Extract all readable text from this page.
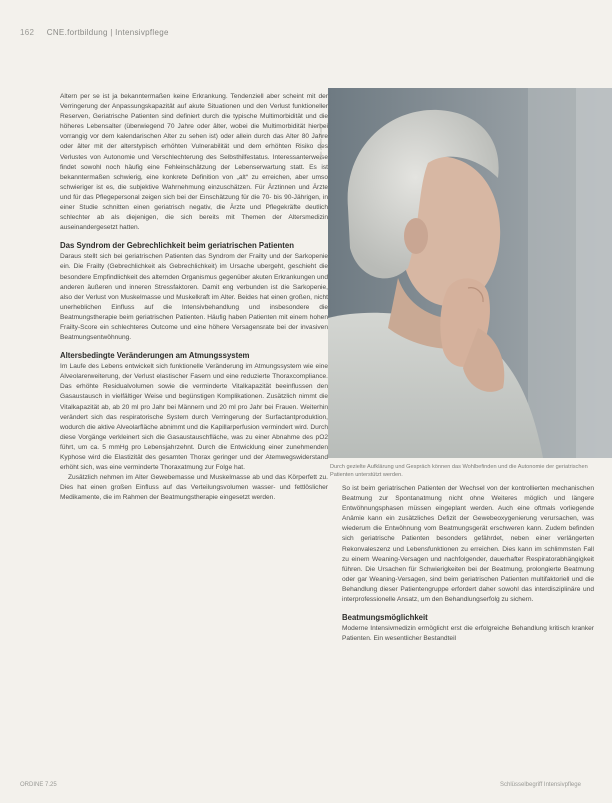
162 CNE.fortbildung | Intensivpflege

Altern per se ist ja bekanntermaßen keine Erkrankung. Tendenziell aber scheint mit der Verringerung der Anpassungskapazität auf akute Situationen und den Verlust funktioneller Reserven, Geriatrische Patienten sind definiert durch die typische Multimorbidität und die höheres Lebensalter (überwiegend 70 Jahre oder älter, wobei die Multimorbidität hierbei vorrangig vor dem kalendarischen Alter zu sehen ist) oder allein durch das Alter 80 Jahre oder älter mit der alterstypisch erhöhten Vulnerabilität und dem erhöhten Risiko des Verlustes von Autonomie und Verschlechterung des Selbsthilfestatus. Interessanterweise findet sowohl noch häufig eine Fehleinschätzung der Lebenserwartung statt. Es ist bekanntermaßen schwierig, eine konkrete Definition von „alt“ zu erreichen, aber umso schwieriger ist es, die subjektive Wahrnehmung einzuschätzen. Für Ärztinnen und Ärzte und für das Pflegepersonal zeigen sich bei der Einschätzung für die 70- bis 90-Jährigen, in einer Studie schnitten einen geriatrisch negativ, die Ärzte und Pflegekräfte deutlich schlechter ab als diejenigen, die sich bereits mit Themen der Altersmedizin auseinandergesetzt hatten.

Das Syndrom der Gebrechlichkeit beim geriatrischen Patienten

Daraus stellt sich bei geriatrischen Patienten das Syndrom der Frailty und der Sarkopenie ein. Die Frailty (Gebrechlichkeit als Gebrechlichkeit) im Ursache ubergeht, geschieht die besondere Empfindlichkeit des alternden Organismus gegenüber akuten Erkrankungen und anderen äußeren und inneren Stressfaktoren. Damit eng verbunden ist die Sarkopenie, also der Verlust von Muskelmasse und Muskelkraft im Alter. Beides hat einen großen, nicht unerheblichen Einfluss auf die Intensivbehandlung und insbesondere die Beatmungstherapie beim geriatrischen Patienten. Häufig haben Patienten mit einem hohen Frailty-Score ein schlechteres Outcome und eine höhere Versagensrate bei der invasiven Beatmungsentwöhnung.

Altersbedingte Veränderungen am Atmungssystem

Im Laufe des Lebens entwickelt sich funktionelle Veränderung im Atmungssystem wie eine Alveolarerweiterung, der Verlust elastischer Fasern und eine reduzierte Thoraxcompliance. Das erhöhte Residualvolumen sowie die verminderte Vitalkapazität beeinflussen den Gasaustausch in vielfältiger Weise und begünstigen Komplikationen. Zusätzlich nimmt die Vitalkapazität ab, ab 20 ml pro Jahr bei Männern und 20 ml pro Jahr bei Frauen. Weiterhin verändert sich das respiratorische System durch Verringerung der Surfactantproduktion, wodurch die aktive Alveolarfläche abnimmt und die Kapillarperfusion vermindert wird. Durch diese Vorgänge verkleinert sich die Gasaustauschfläche, was zu einer Abnahme des pO2 führt, um ca. 5 mmHg pro Lebensjahrzehnt. Durch die Entwicklung einer zunehmenden Kyphose wird die Elastizität des gesamten Thorax geringer und der Atemwegswiderstand erhöht sich, was eine verminderte Thoraxatmung zur Folge hat.

Zusätzlich nehmen im Alter Gewebemasse und Muskelmasse ab und das Körperfett zu. Dies hat einen großen Einfluss auf das Verteilungsvolumen wasser- und fettlöslicher Medikamente, die im Rahmen der Beatmungstherapie eingesetzt werden.

Foto: Adobe Stock
Durch gezielte Aufklärung und Gespräch können das Wohlbefinden und die Autonomie der geriatrischen Patienten unterstützt werden.

So ist beim geriatrischen Patienten der Wechsel von der kontrollierten mechanischen Beatmung zur Spontanatmung nicht ohne Weiteres möglich und längere Entwöhnungsphasen müssen eingeplant werden. Auch eine oftmals vorliegende Anämie kann ein zusätzliches Defizit der Gewebeoxygenierung verursachen, was wiederum die Entwöhnung vom Beatmungsgerät erschweren kann. Zudem befinden sich geriatrische Patienten besonders gefährdet, neben einer verlängerten Rekonvaleszenz und Lebensfunktionen zu erreichen. Dies kann im schlimmsten Fall zu einem Weaning-Versagen und nachfolgender, dauerhafter Respiratorabhängigkeit führen. Die Ursachen für Schwierigkeiten bei der Beatmung, prolongierte Beatmung oder gar Weaning-Versagen, sind beim geriatrischen Patienten multifaktoriell und die Behandlung dieser Patientengruppe erfordert daher sowohl das interdisziplinäre und interprofessionelle Ansatz, um den Behandlungserfolg zu sichern.

Beatmungsmöglichkeit

Moderne Intensivmedizin ermöglicht erst die erfolgreiche Behandlung kritisch kranker Patienten. Ein wesentlicher Bestandteil

ORDINE 7.25	Schlüsselbegriff Intensivpflege
